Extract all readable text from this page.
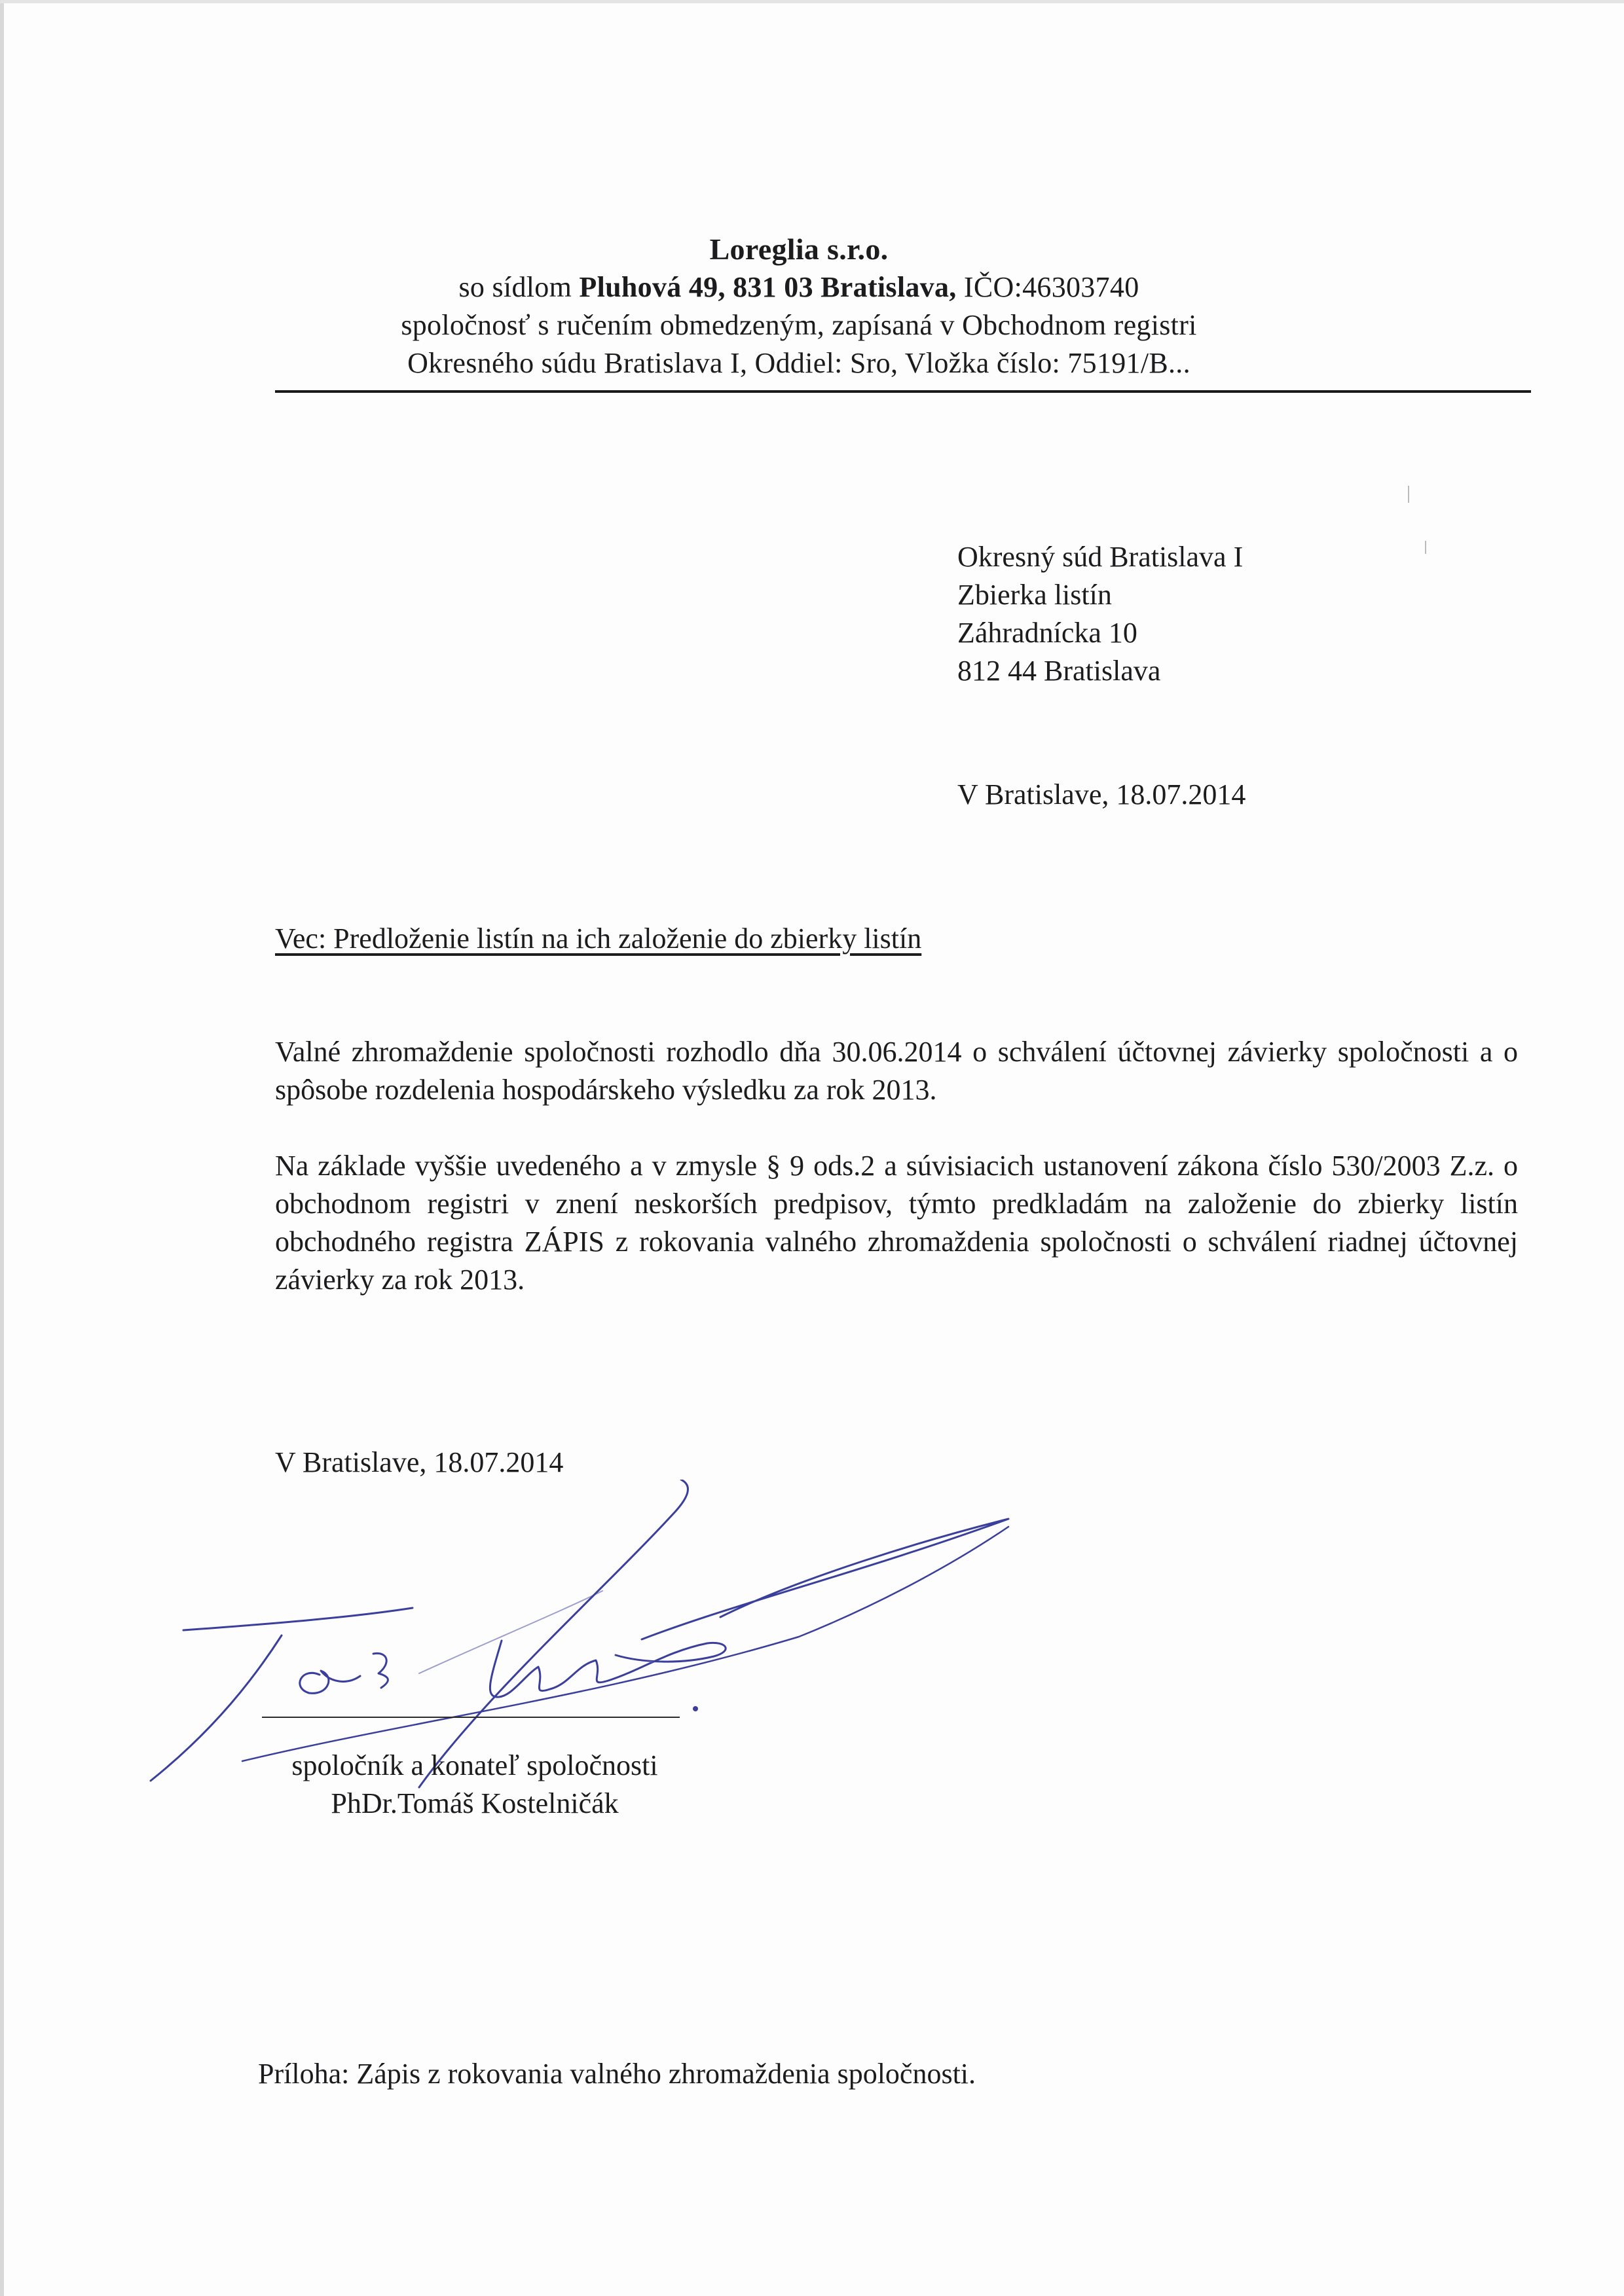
Loreglia s.r.o.
so sídlom Pluhová 49, 831 03 Bratislava, IČO:46303740
spoločnosť s ručením obmedzeným, zapísaná v Obchodnom registri
Okresného súdu Bratislava I, Oddiel: Sro, Vložka číslo: 75191/B...
Okresný súd Bratislava I
Zbierka listín
Záhradnícka 10
812 44 Bratislava
V Bratislave, 18.07.2014
Vec: Predloženie listín na ich založenie do zbierky listín
Valné zhromaždenie spoločnosti rozhodlo dňa 30.06.2014 o schválení účtovnej závierky spoločnosti a o spôsobe rozdelenia hospodárskeho výsledku za rok 2013.
Na základe vyššie uvedeného a v zmysle § 9 ods.2 a súvisiacich ustanovení zákona číslo 530/2003 Z.z. o obchodnom registri v znení neskorších predpisov, týmto predkladám na založenie do zbierky listín obchodného registra ZÁPIS z rokovania valného zhromaždenia spoločnosti o schválení riadnej účtovnej závierky za rok 2013.
V Bratislave, 18.07.2014
spoločník a konateľ spoločnosti
PhDr.Tomáš Kostelničák
Príloha: Zápis z rokovania valného zhromaždenia spoločnosti.
